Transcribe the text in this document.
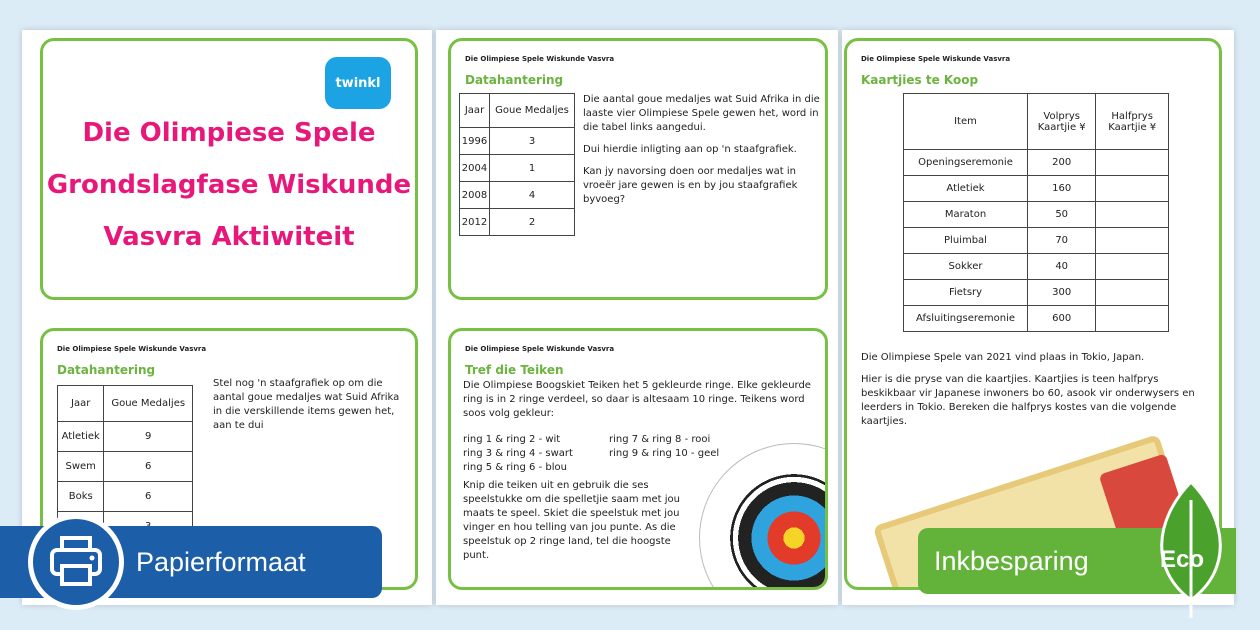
twinkl
Die Olimpiese Spele
Grondslagfase Wiskunde
Vasvra Aktiwiteit
Die Olimpiese Spele Wiskunde Vasvra
Datahantering
Jaar	Goue Medaljes
1996	3
2004	1
2008	4
2012	2

Die aantal goue medaljes wat Suid Afrika in die laaste vier Olimpiese Spele gewen het, word in die tabel links aangedui.

Dui hierdie inligting aan op 'n staafgrafiek.

Kan jy navorsing doen oor medaljes wat in vroeër jare gewen is en by jou staafgrafiek byvoeg?

Die Olimpiese Spele Wiskunde Vasvra
Datahantering
Jaar	Goue Medaljes
Atletiek	9
Swem	6
Boks	6

Stel nog 'n staafgrafiek op om die aantal goue medaljes wat Suid Afrika in die verskillende items gewen het, aan te dui

Die Olimpiese Spele Wiskunde Vasvra
Tref die Teiken

Die Olimpiese Boogskiet Teiken het 5 gekleurde ringe. Elke gekleurde ring is in 2 ringe verdeel, so daar is altesaam 10 ringe. Teikens word soos volg gekleur:

ring 1 & ring 2 - wit
ring 3 & ring 4 - swart
ring 5 & ring 6 - blou
ring 7 & ring 8 - rooi
ring 9 & ring 10 - geel

Knip die teiken uit en gebruik die ses speelstukke om die spelletjie saam met jou maats te speel. Skiet die speelstuk met jou vinger en hou telling van jou punte. As die speelstuk op 2 ringe land, tel die hoogste punt.

Die Olimpiese Spele Wiskunde Vasvra
Kaartjies te Koop
Item	Volprys Kaartjie ¥	Halfprys Kaartjie ¥
Openingseremonie	200	
Atletiek	160	
Maraton	50	
Pluimbal	70	
Sokker	40	
Fietsry	300	
Afsluitingseremonie	600	

Die Olimpiese Spele van 2021 vind plaas in Tokio, Japan.

Hier is die pryse van die kaartjies. Kaartjies is teen halfprys beskikbaar vir Japanese inwoners bo 60, asook vir onderwysers en leerders in Tokio. Bereken die halfprys kostes van die volgende kaartjies.

Papierformaat	Inkbesparing	Eco
